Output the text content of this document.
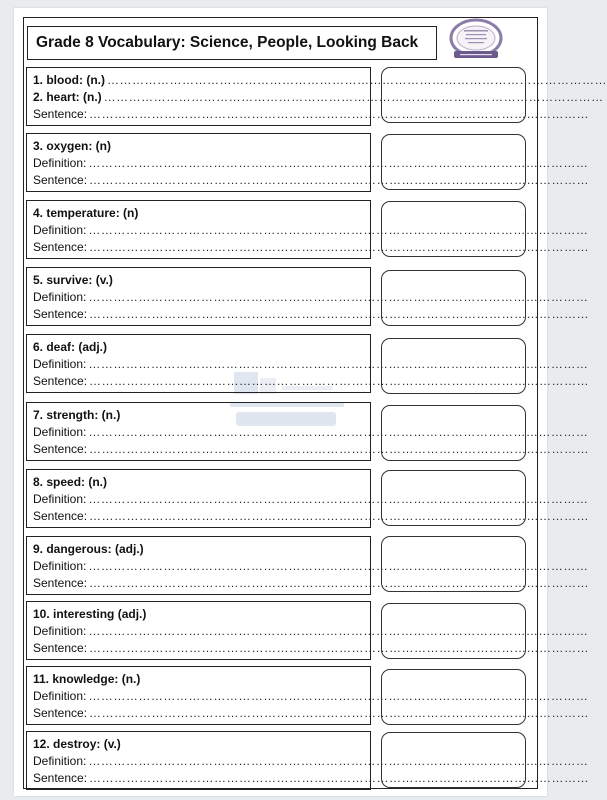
Grade 8 Vocabulary: Science, People, Looking Back
1. blood: (n.) …………………………………………………………………………………………………………
2. heart: (n.) …………………………………………………………………………………………………………
Sentence: …………………………………………………………………………………………………………
3. oxygen: (n)
Definition: …………………………………………………………………………………………………………
Sentence: …………………………………………………………………………………………………………
4. temperature: (n)
Definition: …………………………………………………………………………………………………………
Sentence: …………………………………………………………………………………………………………
5. survive: (v.)
Definition: …………………………………………………………………………………………………………
Sentence: …………………………………………………………………………………………………………
6. deaf: (adj.)
Definition: …………………………………………………………………………………………………………
Sentence: …………………………………………………………………………………………………………
7. strength: (n.)
Definition: …………………………………………………………………………………………………………
Sentence: …………………………………………………………………………………………………………
8. speed: (n.)
Definition: …………………………………………………………………………………………………………
Sentence: …………………………………………………………………………………………………………
9. dangerous: (adj.)
Definition: …………………………………………………………………………………………………………
Sentence: …………………………………………………………………………………………………………
10. interesting (adj.)
Definition: …………………………………………………………………………………………………………
Sentence: …………………………………………………………………………………………………………
11. knowledge: (n.)
Definition: …………………………………………………………………………………………………………
Sentence: …………………………………………………………………………………………………………
12. destroy: (v.)
Definition: …………………………………………………………………………………………………………
Sentence: …………………………………………………………………………………………………………
